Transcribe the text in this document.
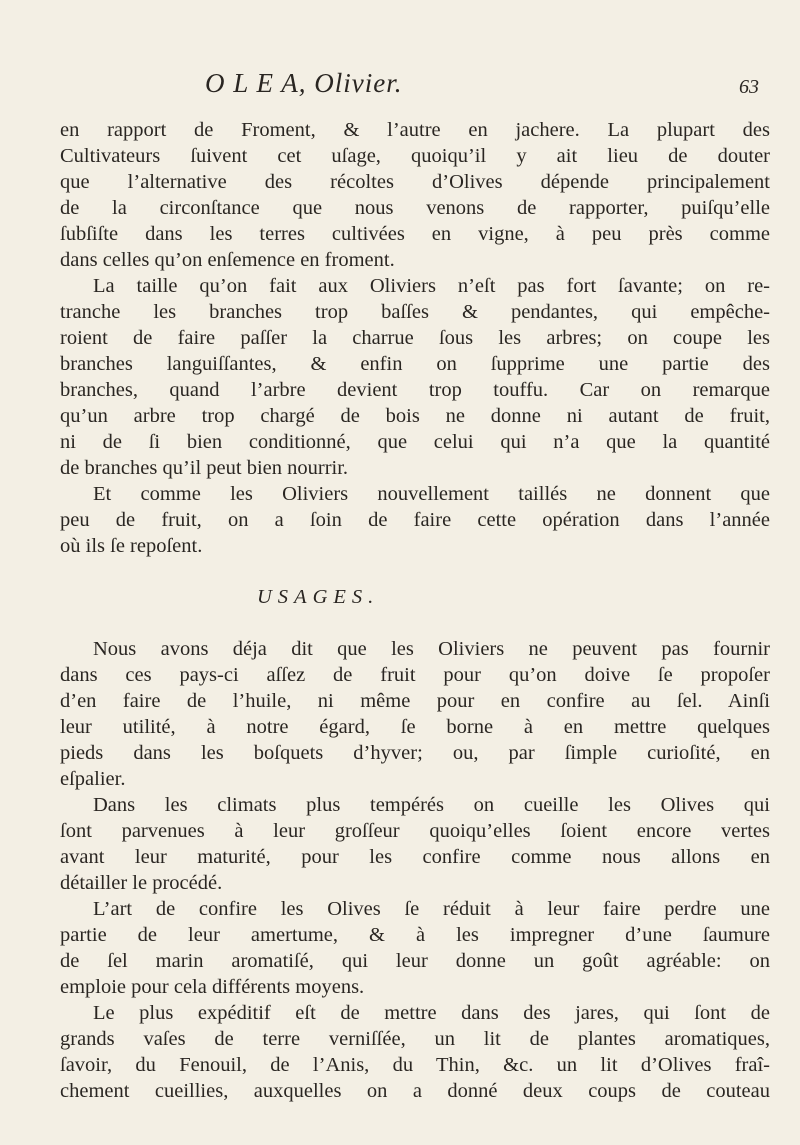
O L E A, Olivier.	63

en rapport de Froment, & l’autre en jachere. La plupart des

Cultivateurs ſuivent cet uſage, quoiqu’il y ait lieu de douter

que l’alternative des récoltes d’Olives dépende principalement

de la circonſtance que nous venons de rapporter, puiſqu’elle

ſubſiſte dans les terres cultivées en vigne, à peu près comme

dans celles qu’on enſemence en froment.

La taille qu’on fait aux Oliviers n’eſt pas fort ſavante; on re-

tranche les branches trop baſſes & pendantes, qui empêche-

roient de faire paſſer la charrue ſous les arbres; on coupe les

branches languiſſantes, & enfin on ſupprime une partie des

branches, quand l’arbre devient trop touffu. Car on remarque

qu’un arbre trop chargé de bois ne donne ni autant de fruit,

ni de ſi bien conditionné, que celui qui n’a que la quantité

de branches qu’il peut bien nourrir.

Et comme les Oliviers nouvellement taillés ne donnent que

peu de fruit, on a ſoin de faire cette opération dans l’année

où ils ſe repoſent.

USAGES.

Nous avons déja dit que les Oliviers ne peuvent pas fournir

dans ces pays-ci aſſez de fruit pour qu’on doive ſe propoſer

d’en faire de l’huile, ni même pour en confire au ſel. Ainſi

leur utilité, à notre égard, ſe borne à en mettre quelques

pieds dans les boſquets d’hyver; ou, par ſimple curioſité, en

eſpalier.

Dans les climats plus tempérés on cueille les Olives qui

ſont parvenues à leur groſſeur quoiqu’elles ſoient encore vertes

avant leur maturité, pour les confire comme nous allons en

détailler le procédé.

L’art de confire les Olives ſe réduit à leur faire perdre une

partie de leur amertume, & à les impregner d’une ſaumure

de ſel marin aromatiſé, qui leur donne un goût agréable: on

emploie pour cela différents moyens.

Le plus expéditif eſt de mettre dans des jares, qui ſont de

grands vaſes de terre verniſſée, un lit de plantes aromatiques,

ſavoir, du Fenouil, de l’Anis, du Thin, &c. un lit d’Olives fraî-

chement cueillies, auxquelles on a donné deux coups de couteau
